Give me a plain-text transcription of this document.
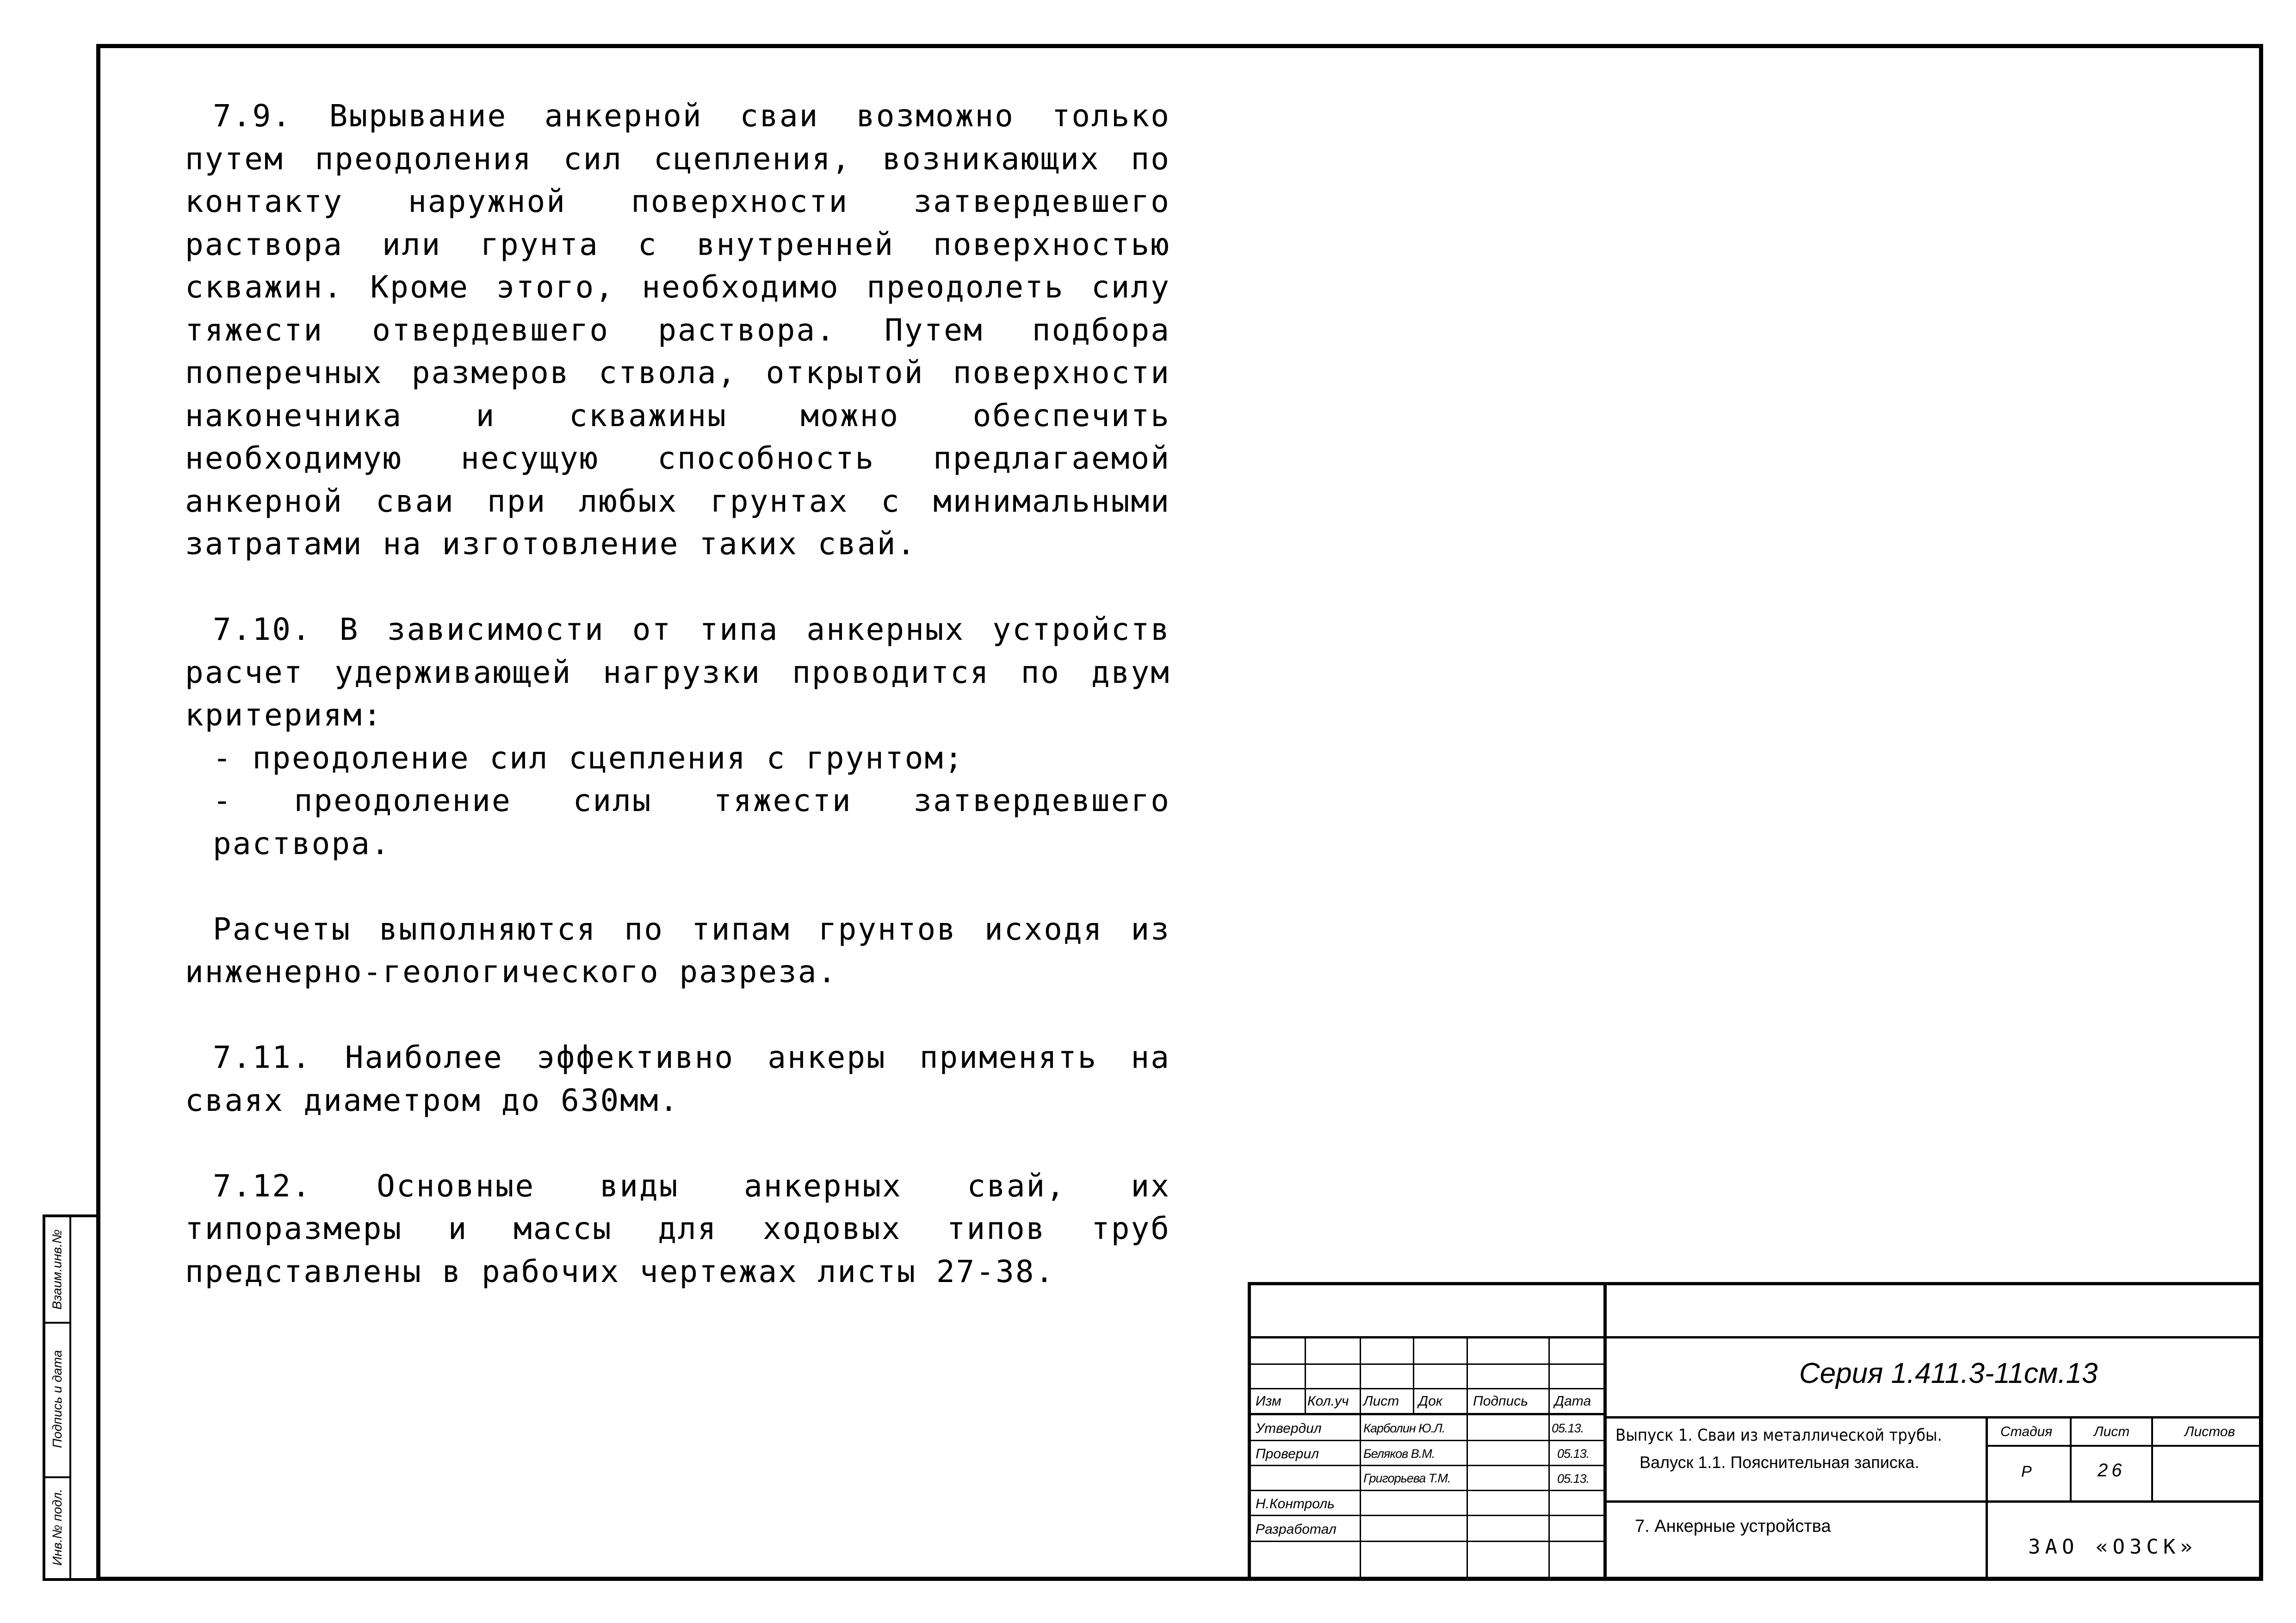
7.9. Вырывание анкерной сваи возможно только путем преодоления сил сцепления, возникающих по контакту наружной поверхности затвердевшего раствора или грунта с внутренней поверхностью скважин. Кроме этого, необходимо преодолеть силу тяжести отвердевшего раствора. Путем подбора поперечных размеров ствола, открытой поверхности наконечника и скважины можно обеспечить необходимую несущую способность предлагаемой анкерной сваи при любых грунтах с минимальными затратами на изготовление таких свай.

7.10. В зависимости от типа анкерных устройств расчет удерживающей нагрузки проводится по двум критериям:

- преодоление сил сцепления с грунтом;

- преодоление силы тяжести затвердевшего раствора.

Расчеты выполняются по типам грунтов исходя из инженерно-геологического разреза.

7.11. Наиболее эффективно анкеры применять на сваях диаметром до 630мм.

7.12. Основные виды анкерных свай, их типоразмеры и массы для ходовых типов труб представлены в рабочих чертежах листы 27-38.

Взаим.инв.№
Подпись и дата
Инв.№ подл.
Изм Кол.уч Лист Док Подпись Дата
Утвердил	Карболин Ю.Л.	05.13.
Проверил	Беляков В.М.	05.13.
Григорьева Т.М.	05.13.
Н.Контроль
Разработал
Серия 1.411.3-11см.13
Выпуск 1. Сваи из металлической трубы.
Валуск 1.1. Пояснительная записка.
Стадия	Лист	Листов
Р	26
7. Анкерные устройства
ЗАО «ОЗСК»
